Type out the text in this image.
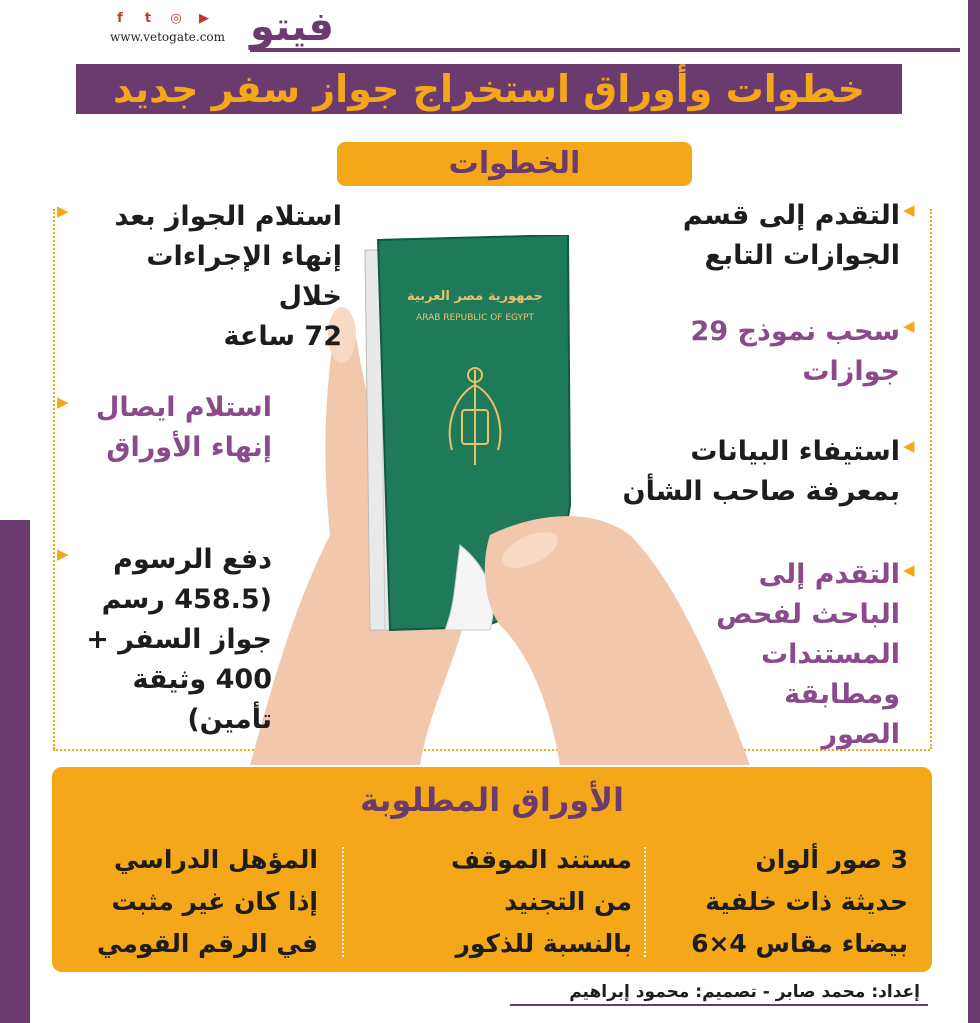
f	t	◎	▶
www.vetogate.com فيتو
خطوات وأوراق استخراج جواز سفر جديد
الخطوات
جمهورية مصر العربية
ARAB REPUBLIC OF EGYPT
التقدم إلى قسم
الجوازات التابع
◀
سحب نموذج 29
جوازات
◀
استيفاء البيانات
بمعرفة صاحب الشأن
◀
التقدم إلى
الباحث لفحص
المستندات
ومطابقة
الصور
◀
استلام الجواز بعد
إنهاء الإجراءات خلال
72 ساعة
▶
استلام ايصال
إنهاء الأوراق
▶
دفع الرسوم
(458.5 رسم
جواز السفر +
400 وثيقة
تأمين)
▶
الأوراق المطلوبة
3 صور ألوان
حديثة ذات خلفية
بيضاء مقاس 4×6
مستند الموقف
من التجنيد
بالنسبة للذكور
المؤهل الدراسي
إذا كان غير مثبت
في الرقم القومي
إعداد: محمد صابر - تصميم: محمود إبراهيم
